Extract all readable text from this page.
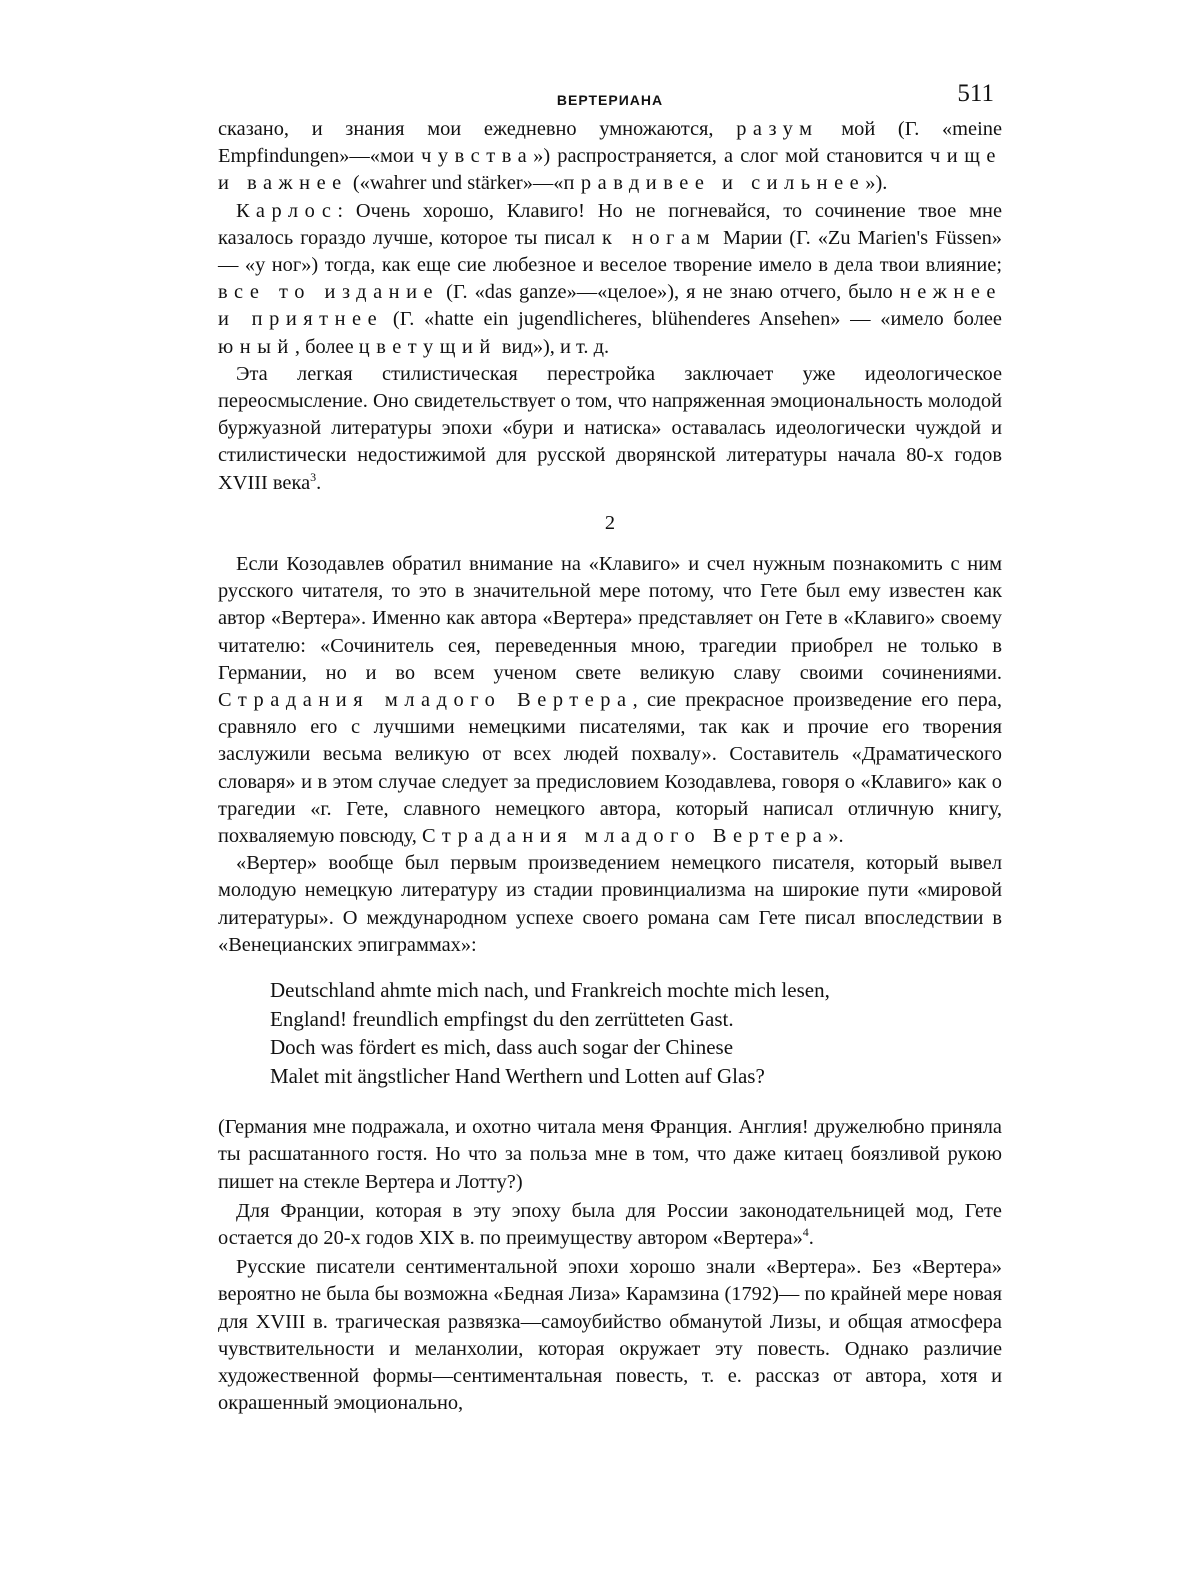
ВЕРТЕРИАНА	511

сказано, и знания мои ежедневно умножаются, разум мой (Г. «meine Empfindungen»—«мои чувства») распространяется, а слог мой становится чище и важнее («wahrer und stärker»—«правдивее и сильнее»).

Карлос: Очень хорошо, Клавиго! Но не погневайся, то сочинение твое мне казалось гораздо лучше, которое ты писал к ногам Марии (Г. «Zu Marien's Füssen» — «у ног») тогда, как еще сие любезное и веселое творение имело в дела твои влияние; все то издание (Г. «das ganze»—«целое»), я не знаю отчего, было нежнее и приятнее (Г. «hatte ein jugendlicheres, blühenderes Ansehen» — «имело более юный, более цветущий вид»), и т. д.

Эта легкая стилистическая перестройка заключает уже идеологическое переосмысление. Оно свидетельствует о том, что напряженная эмоциональность молодой буржуазной литературы эпохи «бури и натиска» оставалась идеологически чуждой и стилистически недостижимой для русской дворянской литературы начала 80-х годов XVIII века$^3$.

2

Если Козодавлев обратил внимание на «Клавиго» и счел нужным познакомить с ним русского читателя, то это в значительной мере потому, что Гете был ему известен как автор «Вертера». Именно как автора «Вертера» представляет он Гете в «Клавиго» своему читателю: «Сочинитель сея, переведенныя мною, трагедии приобрел не только в Германии, но и во всем ученом свете великую славу своими сочинениями. Страдания младого Вертера, сие прекрасное произведение его пера, сравняло его с лучшими немецкими писателями, так как и прочие его творения заслужили весьма великую от всех людей похвалу». Составитель «Драматического словаря» и в этом случае следует за предисловием Козодавлева, говоря о «Клавиго» как о трагедии «г. Гете, славного немецкого автора, который написал отличную книгу, похваляемую повсюду, Страдания младого Вертера».

«Вертер» вообще был первым произведением немецкого писателя, который вывел молодую немецкую литературу из стадии провинциализма на широкие пути «мировой литературы». О международном успехе своего романа сам Гете писал впоследствии в «Венецианских эпиграммах»:

Deutschland ahmte mich nach, und Frankreich mochte mich lesen,
England! freundlich empfingst du den zerrütteten Gast.
Doch was fördert es mich, dass auch sogar der Chinese
Malet mit ängstlicher Hand Werthern und Lotten auf Glas?

(Германия мне подражала, и охотно читала меня Франция. Англия! дружелюбно приняла ты расшатанного гостя. Но что за польза мне в том, что даже китаец боязливой рукою пишет на стекле Вертера и Лотту?)

Для Франции, которая в эту эпоху была для России законодательницей мод, Гете остается до 20-х годов XIX в. по преимуществу автором «Вертера»$^4$.

Русские писатели сентиментальной эпохи хорошо знали «Вертера». Без «Вертера» вероятно не была бы возможна «Бедная Лиза» Карамзина (1792)— по крайней мере новая для XVIII в. трагическая развязка—самоубийство обманутой Лизы, и общая атмосфера чувствительности и меланхолии, которая окружает эту повесть. Однако различие художественной формы—сентиментальная повесть, т. е. рассказ от автора, хотя и окрашенный эмоционально,
